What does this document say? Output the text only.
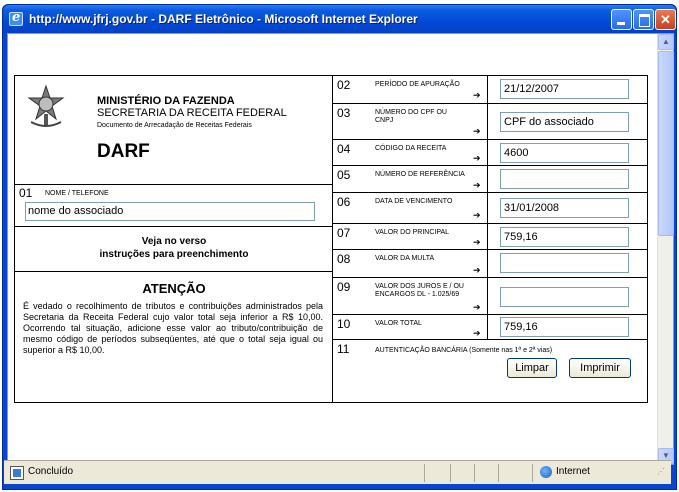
e
http://www.jfrj.gov.br - DARF Eletrônico - Microsoft Internet Explorer	✕
▲
▼
MINISTÉRIO DA FAZENDA
SECRETARIA DA RECEITA FEDERAL
Documento de Arrecadação de Receitas Federais
DARF
01 NOME / TELEFONE
nome do associado
Veja no verso
instruções para preenchimento
ATENÇÃO
É vedado o recolhimento de tributos e contribuições administrados pela Secretaria da Receita Federal cujo valor total seja inferior a R$ 10,00. Ocorrendo tal situação, adicione esse valor ao tributo/contribuição de mesmo código de períodos subseqüentes, até que o total seja igual ou superior a R$ 10,00.
02	PERÍODO DE APURAÇÃO
➔	21/12/2007
03	NÚMERO DO CPF OU CNPJ
➔
CPF do associado
04	CÓDIGO DA RECEITA
➔	4600
05	NÚMERO DE REFERÊNCIA
➔
06	DATA DE VENCIMENTO
➔
31/01/2008
07	VALOR DO PRINCIPAL
➔	759,16
08	VALOR DA MULTA
➔
09	VALOR DOS JUROS E / OU ENCARGOS DL - 1.025/69
➔
10	VALOR TOTAL
➔	759,16
11	AUTENTICAÇÃO BANCÁRIA (Somente nas 1ª e 2ª vias)
Limpar	Imprimir
Concluído	Internet	⋰
